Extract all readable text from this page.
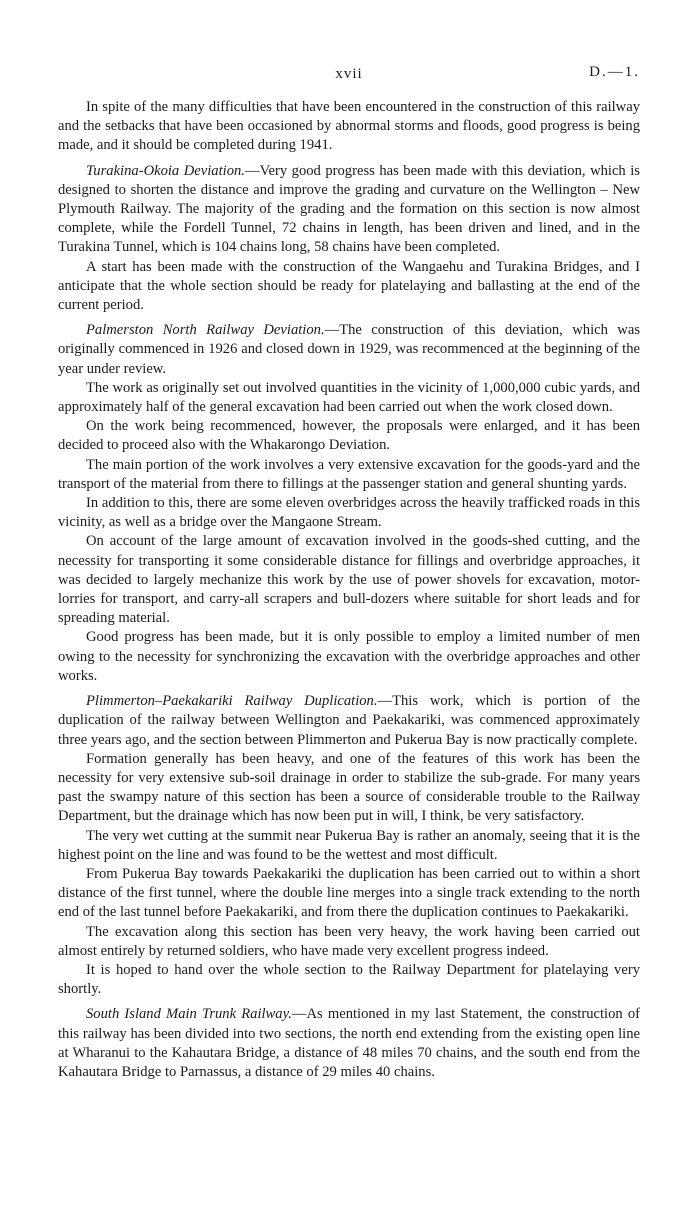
xvii	D.—1.

In spite of the many difficulties that have been encountered in the construction of this railway and the setbacks that have been occasioned by abnormal storms and floods, good progress is being made, and it should be completed during 1941.

Turakina-Okoia Deviation.—Very good progress has been made with this deviation, which is designed to shorten the distance and improve the grading and curvature on the Wellington – New Plymouth Railway. The majority of the grading and the formation on this section is now almost complete, while the Fordell Tunnel, 72 chains in length, has been driven and lined, and in the Turakina Tunnel, which is 104 chains long, 58 chains have been completed.

A start has been made with the construction of the Wangaehu and Turakina Bridges, and I anticipate that the whole section should be ready for platelaying and ballasting at the end of the current period.

Palmerston North Railway Deviation.—The construction of this deviation, which was originally commenced in 1926 and closed down in 1929, was recommenced at the beginning of the year under review.

The work as originally set out involved quantities in the vicinity of 1,000,000 cubic yards, and approximately half of the general excavation had been carried out when the work closed down.

On the work being recommenced, however, the proposals were enlarged, and it has been decided to proceed also with the Whakarongo Deviation.

The main portion of the work involves a very extensive excavation for the goods-yard and the transport of the material from there to fillings at the passenger station and general shunting yards.

In addition to this, there are some eleven overbridges across the heavily trafficked roads in this vicinity, as well as a bridge over the Mangaone Stream.

On account of the large amount of excavation involved in the goods-shed cutting, and the necessity for transporting it some considerable distance for fillings and overbridge approaches, it was decided to largely mechanize this work by the use of power shovels for excavation, motor-lorries for transport, and carry-all scrapers and bull-dozers where suitable for short leads and for spreading material.

Good progress has been made, but it is only possible to employ a limited number of men owing to the necessity for synchronizing the excavation with the overbridge approaches and other works.

Plimmerton–Paekakariki Railway Duplication.—This work, which is portion of the duplication of the railway between Wellington and Paekakariki, was commenced approximately three years ago, and the section between Plimmerton and Pukerua Bay is now practically complete.

Formation generally has been heavy, and one of the features of this work has been the necessity for very extensive sub-soil drainage in order to stabilize the sub-grade. For many years past the swampy nature of this section has been a source of considerable trouble to the Railway Department, but the drainage which has now been put in will, I think, be very satisfactory.

The very wet cutting at the summit near Pukerua Bay is rather an anomaly, seeing that it is the highest point on the line and was found to be the wettest and most difficult.

From Pukerua Bay towards Paekakariki the duplication has been carried out to within a short distance of the first tunnel, where the double line merges into a single track extending to the north end of the last tunnel before Paekakariki, and from there the duplication continues to Paekakariki.

The excavation along this section has been very heavy, the work having been carried out almost entirely by returned soldiers, who have made very excellent progress indeed.

It is hoped to hand over the whole section to the Railway Department for platelaying very shortly.

South Island Main Trunk Railway.—As mentioned in my last Statement, the construction of this railway has been divided into two sections, the north end extending from the existing open line at Wharanui to the Kahautara Bridge, a distance of 48 miles 70 chains, and the south end from the Kahautara Bridge to Parnassus, a distance of 29 miles 40 chains.
